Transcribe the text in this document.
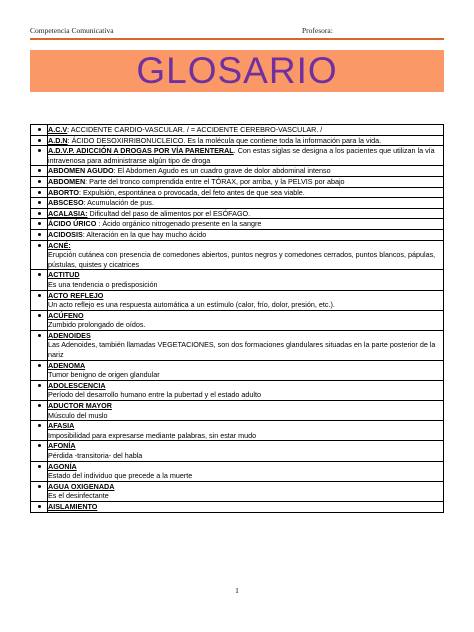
Competencia Comunicativa	Profesora:
GLOSARIO
	A.C.V: ACCIDENTE CARDIO-VASCULAR. / = ACCIDENTE CEREBRO-VASCULAR. /

	A.D.N: ÁCIDO DESOXIRRIBONUCLEICO. Es la molécula que contiene toda la información para la vida.

	A.D.V.P. ADICCIÓN A DROGAS POR VÍA PARENTERAL. Con estas siglas se designa a los pacientes que utilizan la vía intravenosa para administrarse algún tipo de droga

	ABDOMEN AGUDO: El Abdomen Agudo es un cuadro grave de dolor abdominal intenso

	ABDOMEN: Parte del tronco comprendida entre el TÓRAX, por arriba, y la PELVIS por abajo

	ABORTO: Expulsión, espontánea o provocada, del feto antes de que sea viable.

	ABSCESO: Acumulación de pus.

	ACALASIA: Dificultad del paso de alimentos por el ESÓFAGO.

	ÁCIDO ÚRICO : Ácido orgánico nitrogenado presente en la sangre

	ACIDOSIS: Alteración en la que hay mucho ácido

	ACNÉ:
Erupción cutánea con presencia de comedones abiertos, puntos negros y comedones cerrados, puntos blancos, pápulas, pústulas, quistes y cicatrices

	ACTITUD
Es una tendencia o predisposición

	ACTO REFLEJO
Un acto reflejo es una respuesta automática a un estímulo (calor, frío, dolor, presión, etc.).

	ACÚFENO
Zumbido prolongado de oídos.

	ADENOIDES
Las Adenoides, también llamadas VEGETACIONES, son dos formaciones glandulares situadas en la parte posterior de la nariz

	ADENOMA
Tumor benigno de origen glandular

	ADOLESCENCIA
Período del desarrollo humano entre la pubertad y el estado adulto

	ADUCTOR MAYOR
Músculo del muslo

	AFASIA
Imposibilidad para expresarse mediante palabras, sin estar mudo

	AFONÍA
Pérdida -transitoria- del habla

	AGONÍA
Estado del individuo que precede a la muerte

	AGUA OXIGENADA
Es el desinfectante

	AISLAMIENTO
1
